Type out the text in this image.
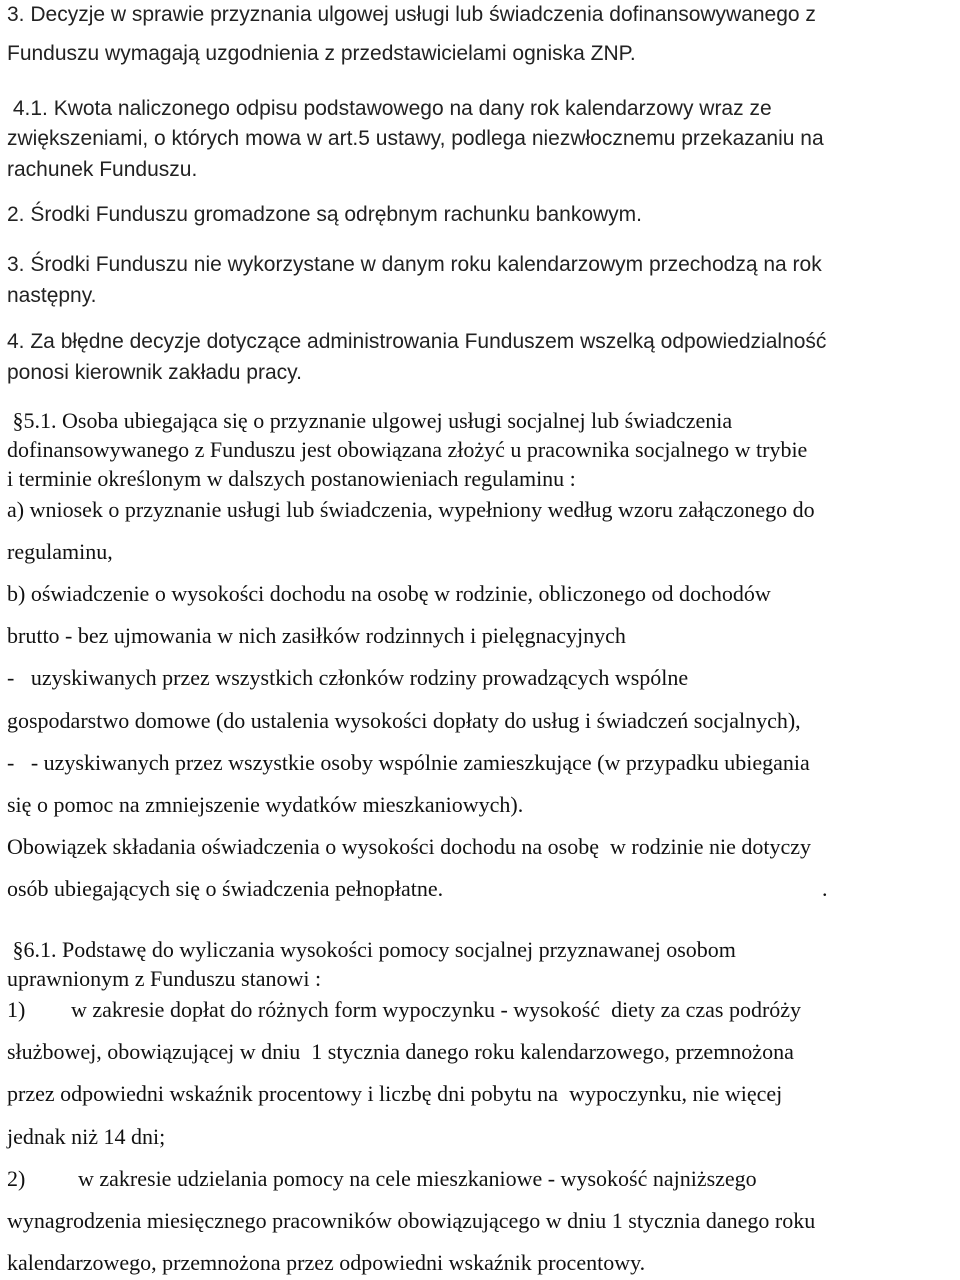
3. Decyzje w sprawie przyznania ulgowej usługi lub świadczenia dofinansowywanego z
Funduszu wymagają uzgodnienia z przedstawicielami ogniska ZNP.
4.1. Kwota naliczonego odpisu podstawowego na dany rok kalendarzowy wraz ze
zwiększeniami, o których mowa w art.5 ustawy, podlega niezwłocznemu przekazaniu na
rachunek Funduszu.
2. Środki Funduszu gromadzone są odrębnym rachunku bankowym.
3. Środki Funduszu nie wykorzystane w danym roku kalendarzowym przechodzą na rok
następny.
4. Za błędne decyzje dotyczące administrowania Funduszem wszelką odpowiedzialność
ponosi kierownik zakładu pracy.
§5.1. Osoba ubiegająca się o przyznanie ulgowej usługi socjalnej lub świadczenia
dofinansowywanego z Funduszu jest obowiązana złożyć u pracownika socjalnego w trybie
i terminie określonym w dalszych postanowieniach regulaminu :
a) wniosek o przyznanie usługi lub świadczenia, wypełniony według wzoru załączonego do
regulaminu,
b) oświadczenie o wysokości dochodu na osobę w rodzinie, obliczonego od dochodów
brutto - bez ujmowania w nich zasiłków rodzinnych i pielęgnacyjnych
-   uzyskiwanych przez wszystkich członków rodziny prowadzących wspólne
gospodarstwo domowe (do ustalenia wysokości dopłaty do usług i świadczeń socjalnych),
-   - uzyskiwanych przez wszystkie osoby wspólnie zamieszkujące (w przypadku ubiegania
się o pomoc na zmniejszenie wydatków mieszkaniowych).
Obowiązek składania oświadczenia o wysokości dochodu na osobę  w rodzinie nie dotyczy
osób ubiegających się o świadczenia pełnopłatne.	.
§6.1. Podstawę do wyliczania wysokości pomocy socjalnej przyznawanej osobom
uprawnionym z Funduszu stanowi :
1) w zakresie dopłat do różnych form wypoczynku - wysokość  diety za czas podróży
służbowej, obowiązującej w dniu  1 stycznia danego roku kalendarzowego, przemnożona
przez odpowiedni wskaźnik procentowy i liczbę dni pobytu na  wypoczynku, nie więcej
jednak niż 14 dni;
2) w zakresie udzielania pomocy na cele mieszkaniowe - wysokość najniższego
wynagrodzenia miesięcznego pracowników obowiązującego w dniu 1 stycznia danego roku
kalendarzowego, przemnożona przez odpowiedni wskaźnik procentowy.
